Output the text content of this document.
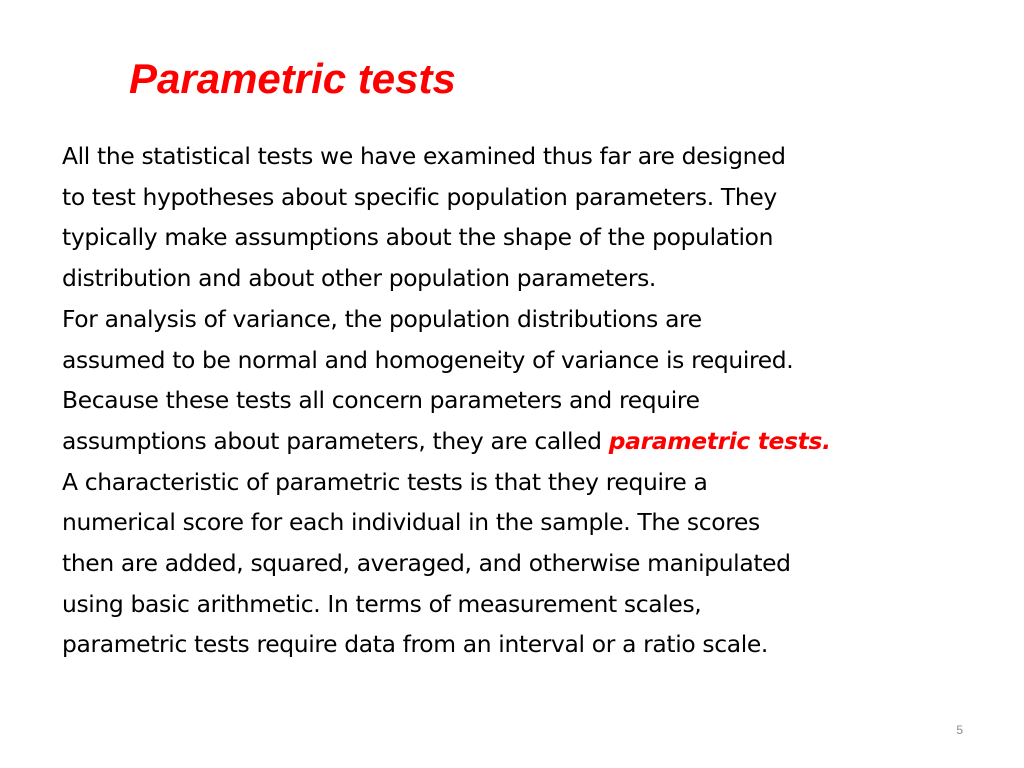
Parametric tests
All the statistical tests we have examined thus far are designed
to test hypotheses about specific population parameters. They
typically make assumptions about the shape of the population
distribution and about other population parameters.
For analysis of variance, the population distributions are
assumed to be normal and homogeneity of variance is required.
Because these tests all concern parameters and require
assumptions about parameters, they are called parametric tests.
A characteristic of parametric tests is that they require a
numerical score for each individual in the sample. The scores
then are added, squared, averaged, and otherwise manipulated
using basic arithmetic. In terms of measurement scales,
parametric tests require data from an interval or a ratio scale.
5
